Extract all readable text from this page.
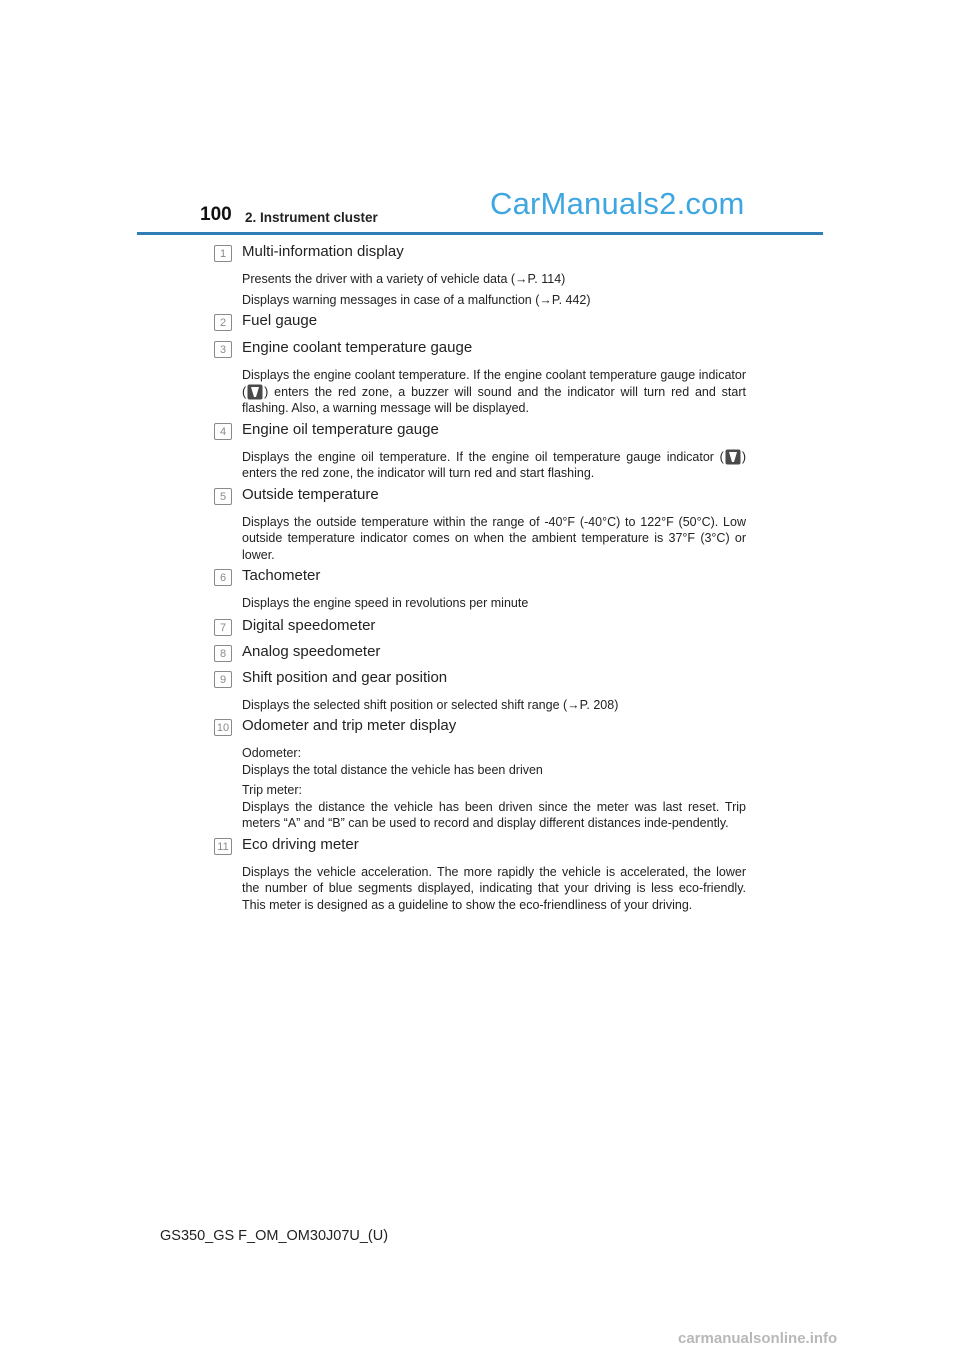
100 2. Instrument cluster	CarManuals2.com
1	Multi-information display

Presents the driver with a variety of vehicle data (→P. 114)

Displays warning messages in case of a malfunction (→P. 442)

2	Fuel gauge
3	Engine coolant temperature gauge

Displays the engine coolant temperature. If the engine coolant temperature gauge indicator ( ) enters the red zone, a buzzer will sound and the indicator will turn red and start flashing. Also, a warning message will be displayed.

4	Engine oil temperature gauge

Displays the engine oil temperature. If the engine oil temperature gauge indicator ( ) enters the red zone, the indicator will turn red and start flashing.

5	Outside temperature

Displays the outside temperature within the range of -40°F (-40°C) to 122°F (50°C). Low outside temperature indicator comes on when the ambient temperature is 37°F (3°C) or lower.

6	Tachometer

Displays the engine speed in revolutions per minute

7	Digital speedometer
8	Analog speedometer
9	Shift position and gear position

Displays the selected shift position or selected shift range (→P. 208)

10 Odometer and trip meter display

Odometer:

Displays the total distance the vehicle has been driven

Trip meter:

Displays the distance the vehicle has been driven since the meter was last reset. Trip meters “A” and “B” can be used to record and display different distances inde-pendently.

11 Eco driving meter

Displays the vehicle acceleration. The more rapidly the vehicle is accelerated, the lower the number of blue segments displayed, indicating that your driving is less eco-friendly. This meter is designed as a guideline to show the eco-friendliness of your driving.

GS350_GS F_OM_OM30J07U_(U)
carmanualsonline.info
